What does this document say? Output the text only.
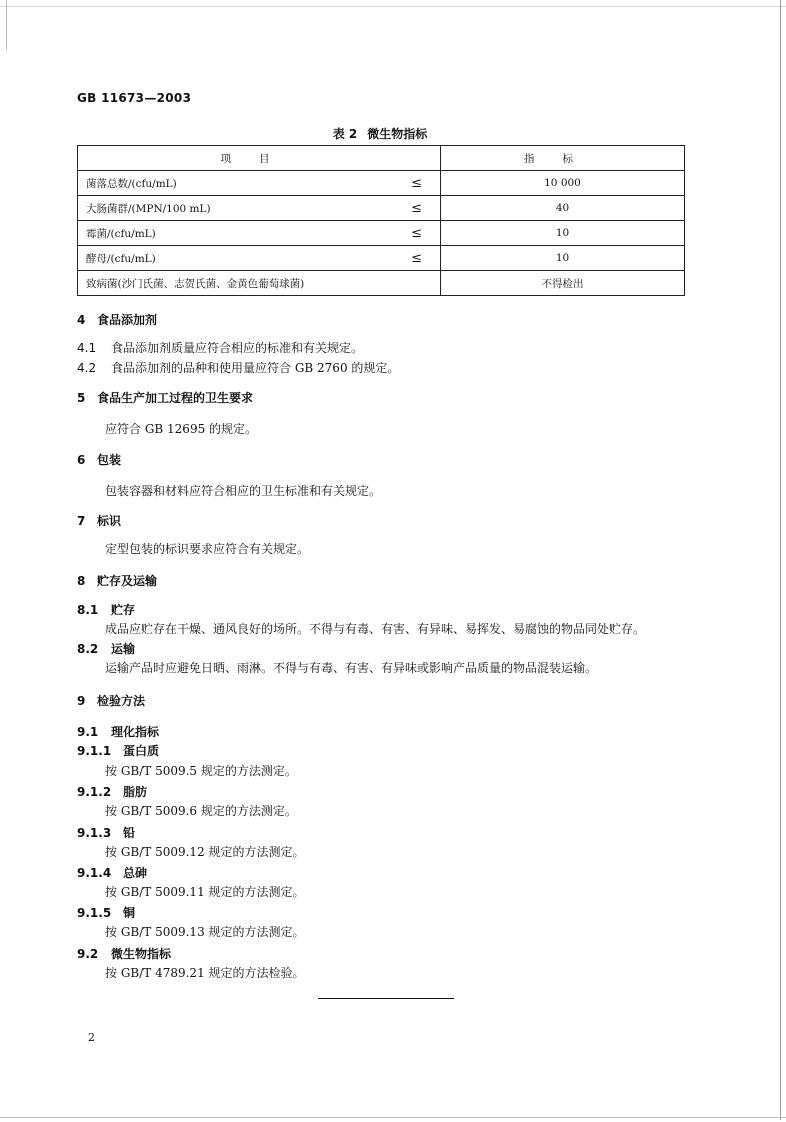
GB 11673—2003
表 2 微生物指标
项目		指标
菌落总数/(cfu/mL)	≤	10 000
大肠菌群/(MPN/100 mL)	≤	40
霉菌/(cfu/mL)	≤	10
酵母/(cfu/mL)	≤	10
致病菌(沙门氏菌、志贺氏菌、金黄色葡萄球菌)		不得检出
4 食品添加剂
4.1 食品添加剂质量应符合相应的标准和有关规定。
4.2 食品添加剂的品种和使用量应符合 GB 2760 的规定。
5 食品生产加工过程的卫生要求
应符合 GB 12695 的规定。
6 包装
包装容器和材料应符合相应的卫生标准和有关规定。
7 标识
定型包装的标识要求应符合有关规定。
8 贮存及运输
8.1 贮存
成品应贮存在干燥、通风良好的场所。不得与有毒、有害、有异味、易挥发、易腐蚀的物品同处贮存。
8.2 运输
运输产品时应避免日晒、雨淋。不得与有毒、有害、有异味或影响产品质量的物品混装运输。
9 检验方法
9.1 理化指标
9.1.1 蛋白质
按 GB/T 5009.5 规定的方法测定。
9.1.2 脂肪
按 GB/T 5009.6 规定的方法测定。
9.1.3 铅
按 GB/T 5009.12 规定的方法测定。
9.1.4 总砷
按 GB/T 5009.11 规定的方法测定。
9.1.5 铜
按 GB/T 5009.13 规定的方法测定。
9.2 微生物指标
按 GB/T 4789.21 规定的方法检验。
2
